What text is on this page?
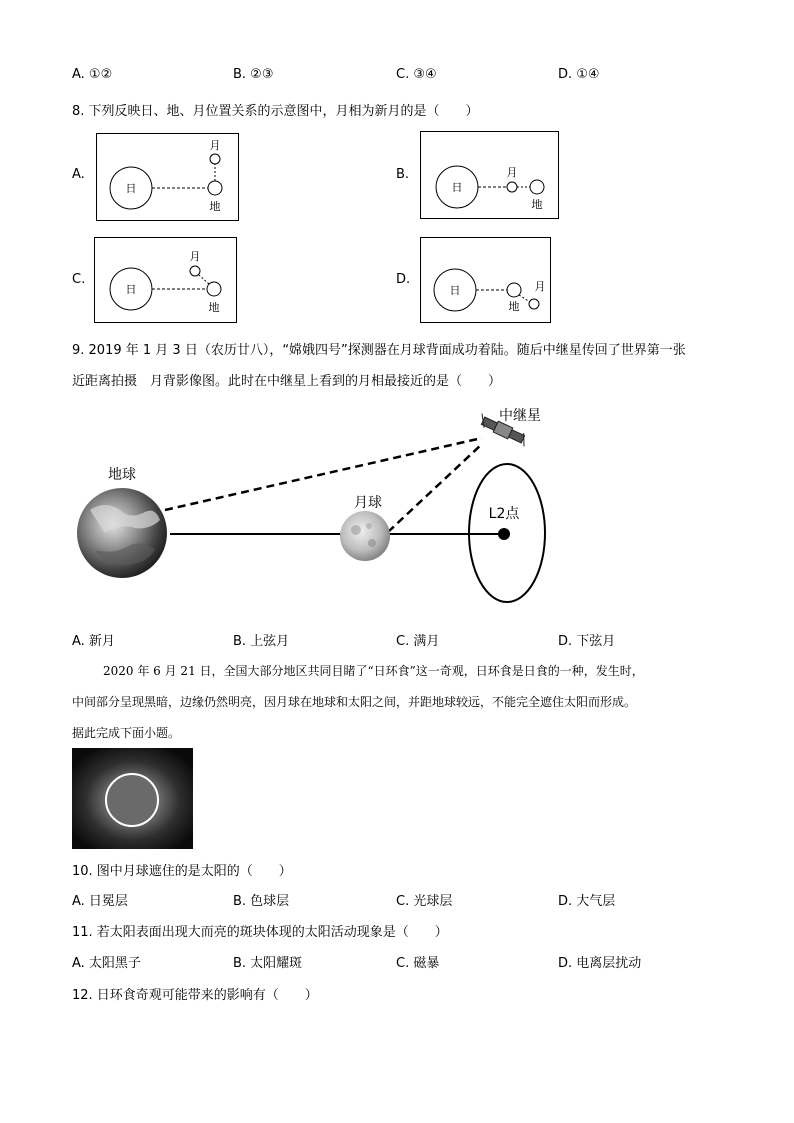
A. ①②	B. ②③	C. ③④	D. ①④
8. 下列反映日、地、月位置关系的示意图中，月相为新月的是（　　）
A.
日
地
月
B.
日
月
地
C.
日
地
月
D.
日
地
月
9. 2019 年 1 月 3 日（农历廿八），“嫦娥四号”探测器在月球背面成功着陆。随后中继星传回了世界第一张
近距离拍摄　月背影像图。此时在中继星上看到的月相最接近的是（　　）
地球
月球
L2点
中继星
A. 新月	B. 上弦月	C. 满月	D. 下弦月
2020 年 6 月 21 日，全国大部分地区共同目睹了“日环食”这一奇观，日环食是日食的一种，发生时，
中间部分呈现黑暗，边缘仍然明亮，因月球在地球和太阳之间，并距地球较远，不能完全遮住太阳而形成。
据此完成下面小题。
10. 图中月球遮住的是太阳的（　　）
A. 日冕层	B. 色球层	C. 光球层	D. 大气层
11. 若太阳表面出现大而亮的斑块体现的太阳活动现象是（　　）
A. 太阳黑子	B. 太阳耀斑	C. 磁暴	D. 电离层扰动
12. 日环食奇观可能带来的影响有（　　）
